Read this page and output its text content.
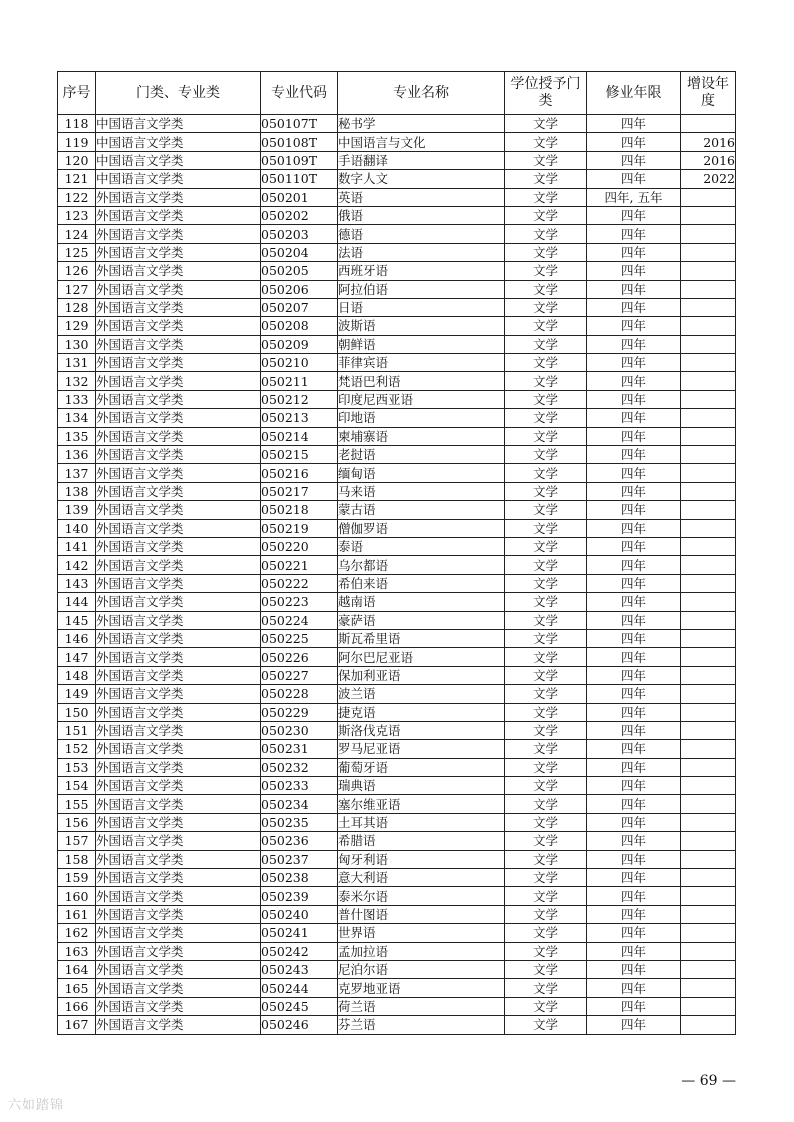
序号	门类、专业类	专业代码	专业名称	学位授予门类	修业年限	增设年度
118	中国语言文学类	050107T	秘书学	文学	四年	
119	中国语言文学类	050108T	中国语言与文化	文学	四年	2016
120	中国语言文学类	050109T	手语翻译	文学	四年	2016
121	中国语言文学类	050110T	数字人文	文学	四年	2022
122	外国语言文学类	050201	英语	文学	四年, 五年	
123	外国语言文学类	050202	俄语	文学	四年	
124	外国语言文学类	050203	德语	文学	四年	
125	外国语言文学类	050204	法语	文学	四年	
126	外国语言文学类	050205	西班牙语	文学	四年	
127	外国语言文学类	050206	阿拉伯语	文学	四年	
128	外国语言文学类	050207	日语	文学	四年	
129	外国语言文学类	050208	波斯语	文学	四年	
130	外国语言文学类	050209	朝鲜语	文学	四年	
131	外国语言文学类	050210	菲律宾语	文学	四年	
132	外国语言文学类	050211	梵语巴利语	文学	四年	
133	外国语言文学类	050212	印度尼西亚语	文学	四年	
134	外国语言文学类	050213	印地语	文学	四年	
135	外国语言文学类	050214	柬埔寨语	文学	四年	
136	外国语言文学类	050215	老挝语	文学	四年	
137	外国语言文学类	050216	缅甸语	文学	四年	
138	外国语言文学类	050217	马来语	文学	四年	
139	外国语言文学类	050218	蒙古语	文学	四年	
140	外国语言文学类	050219	僧伽罗语	文学	四年	
141	外国语言文学类	050220	泰语	文学	四年	
142	外国语言文学类	050221	乌尔都语	文学	四年	
143	外国语言文学类	050222	希伯来语	文学	四年	
144	外国语言文学类	050223	越南语	文学	四年	
145	外国语言文学类	050224	豪萨语	文学	四年	
146	外国语言文学类	050225	斯瓦希里语	文学	四年	
147	外国语言文学类	050226	阿尔巴尼亚语	文学	四年	
148	外国语言文学类	050227	保加利亚语	文学	四年	
149	外国语言文学类	050228	波兰语	文学	四年	
150	外国语言文学类	050229	捷克语	文学	四年	
151	外国语言文学类	050230	斯洛伐克语	文学	四年	
152	外国语言文学类	050231	罗马尼亚语	文学	四年	
153	外国语言文学类	050232	葡萄牙语	文学	四年	
154	外国语言文学类	050233	瑞典语	文学	四年	
155	外国语言文学类	050234	塞尔维亚语	文学	四年	
156	外国语言文学类	050235	土耳其语	文学	四年	
157	外国语言文学类	050236	希腊语	文学	四年	
158	外国语言文学类	050237	匈牙利语	文学	四年	
159	外国语言文学类	050238	意大利语	文学	四年	
160	外国语言文学类	050239	泰米尔语	文学	四年	
161	外国语言文学类	050240	普什图语	文学	四年	
162	外国语言文学类	050241	世界语	文学	四年	
163	外国语言文学类	050242	孟加拉语	文学	四年	
164	外国语言文学类	050243	尼泊尔语	文学	四年	
165	外国语言文学类	050244	克罗地亚语	文学	四年	
166	外国语言文学类	050245	荷兰语	文学	四年	
167	外国语言文学类	050246	芬兰语	文学	四年	
— 69 —
六如踏锦
